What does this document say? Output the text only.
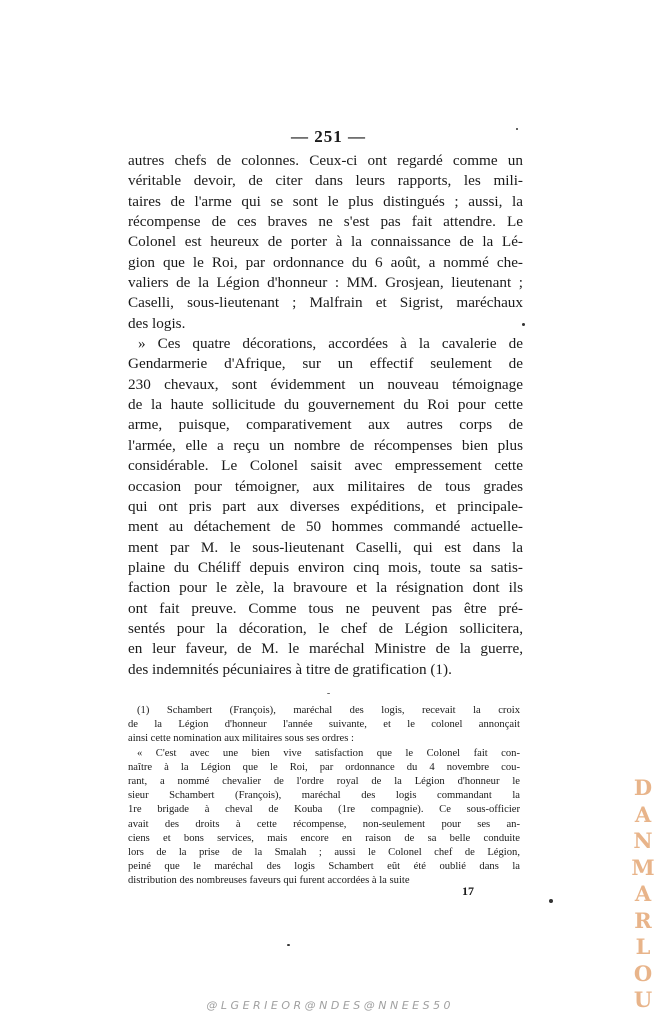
— 251 —
autres chefs de colonnes. Ceux-ci ont regardé comme un
véritable devoir, de citer dans leurs rapports, les mili-
taires de l'arme qui se sont le plus distingués ; aussi, la
récompense de ces braves ne s'est pas fait attendre. Le
Colonel est heureux de porter à la connaissance de la Lé-
gion que le Roi, par ordonnance du 6 août, a nommé che-
valiers de la Légion d'honneur : MM. Grosjean, lieutenant ;
Caselli, sous-lieutenant ; Malfrain et Sigrist, maréchaux
des logis.
» Ces quatre décorations, accordées à la cavalerie de
Gendarmerie d'Afrique, sur un effectif seulement de
230 chevaux, sont évidemment un nouveau témoignage
de la haute sollicitude du gouvernement du Roi pour cette
arme, puisque, comparativement aux autres corps de
l'armée, elle a reçu un nombre de récompenses bien plus
considérable. Le Colonel saisit avec empressement cette
occasion pour témoigner, aux militaires de tous grades
qui ont pris part aux diverses expéditions, et principale-
ment au détachement de 50 hommes commandé actuelle-
ment par M. le sous-lieutenant Caselli, qui est dans la
plaine du Chéliff depuis environ cinq mois, toute sa satis-
faction pour le zèle, la bravoure et la résignation dont ils
ont fait preuve. Comme tous ne peuvent pas être pré-
sentés pour la décoration, le chef de Légion sollicitera,
en leur faveur, de M. le maréchal Ministre de la guerre,
des indemnités pécuniaires à titre de gratification (1).
-
(1) Schambert (François), maréchal des logis, recevait la croix
de la Légion d'honneur l'année suivante, et le colonel annonçait
ainsi cette nomination aux militaires sous ses ordres :
« C'est avec une bien vive satisfaction que le Colonel fait con-
naître à la Légion que le Roi, par ordonnance du 4 novembre cou-
rant, a nommé chevalier de l'ordre royal de la Légion d'honneur le
sieur Schambert (François), maréchal des logis commandant la
1re brigade à cheval de Kouba (1re compagnie). Ce sous-officier
avait des droits à cette récompense, non-seulement pour ses an-
ciens et bons services, mais encore en raison de sa belle conduite
lors de la prise de la Smalah ; aussi le Colonel chef de Légion,
peiné que le maréchal des logis Schambert eût été oublié dans la
distribution des nombreuses faveurs qui furent accordées à la suite
17
D
A
N
M
A
R
L
O
U
@ L G E R I E O R @ N D E S @ N N E E S 5 0
